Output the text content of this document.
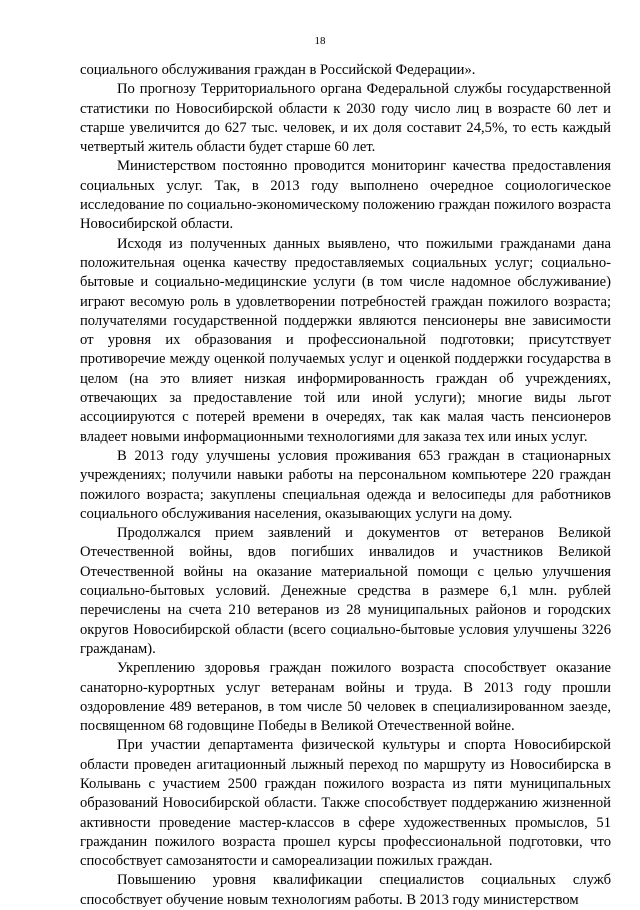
18

социального обслуживания граждан в Российской Федерации».

По прогнозу Территориального органа Федеральной службы государственной статистики по Новосибирской области к 2030 году число лиц в возрасте 60 лет и старше увеличится до 627 тыс. человек, и их доля составит 24,5%, то есть каждый четвертый житель области будет старше 60 лет.

Министерством постоянно проводится мониторинг качества предоставления социальных услуг. Так, в 2013 году выполнено очередное социологическое исследование по социально-экономическому положению граждан пожилого возраста Новосибирской области.

Исходя из полученных данных выявлено, что пожилыми гражданами дана положительная оценка качеству предоставляемых социальных услуг; социально-бытовые и социально-медицинские услуги (в том числе надомное обслуживание) играют весомую роль в удовлетворении потребностей граждан пожилого возраста; получателями государственной поддержки являются пенсионеры вне зависимости от уровня их образования и профессиональной подготовки; присутствует противоречие между оценкой получаемых услуг и оценкой поддержки государства в целом (на это влияет низкая информированность граждан об учреждениях, отвечающих за предоставление той или иной услуги); многие виды льгот ассоциируются с потерей времени в очередях, так как малая часть пенсионеров владеет новыми информационными технологиями для заказа тех или иных услуг.

В 2013 году улучшены условия проживания 653 граждан в стационарных учреждениях; получили навыки работы на персональном компьютере 220 граждан пожилого возраста; закуплены специальная одежда и велосипеды для работников социального обслуживания населения, оказывающих услуги на дому.

Продолжался прием заявлений и документов от ветеранов Великой Отечественной войны, вдов погибших инвалидов и участников Великой Отечественной войны на оказание материальной помощи с целью улучшения социально-бытовых условий. Денежные средства в размере 6,1 млн. рублей перечислены на счета 210 ветеранов из 28 муниципальных районов и городских округов Новосибирской области (всего социально-бытовые условия улучшены 3226 гражданам).

Укреплению здоровья граждан пожилого возраста способствует оказание санаторно-курортных услуг ветеранам войны и труда. В 2013 году прошли оздоровление 489 ветеранов, в том числе 50 человек в специализированном заезде, посвященном 68 годовщине Победы в Великой Отечественной войне.

При участии департамента физической культуры и спорта Новосибирской области проведен агитационный лыжный переход по маршруту из Новосибирска в Колывань с участием 2500 граждан пожилого возраста из пяти муниципальных образований Новосибирской области. Также способствует поддержанию жизненной активности проведение мастер-классов в сфере художественных промыслов, 51 гражданин пожилого возраста прошел курсы профессиональной подготовки, что способствует самозанятости и самореализации пожилых граждан.

Повышению уровня квалификации специалистов социальных служб способствует обучение новым технологиям работы. В 2013 году министерством
